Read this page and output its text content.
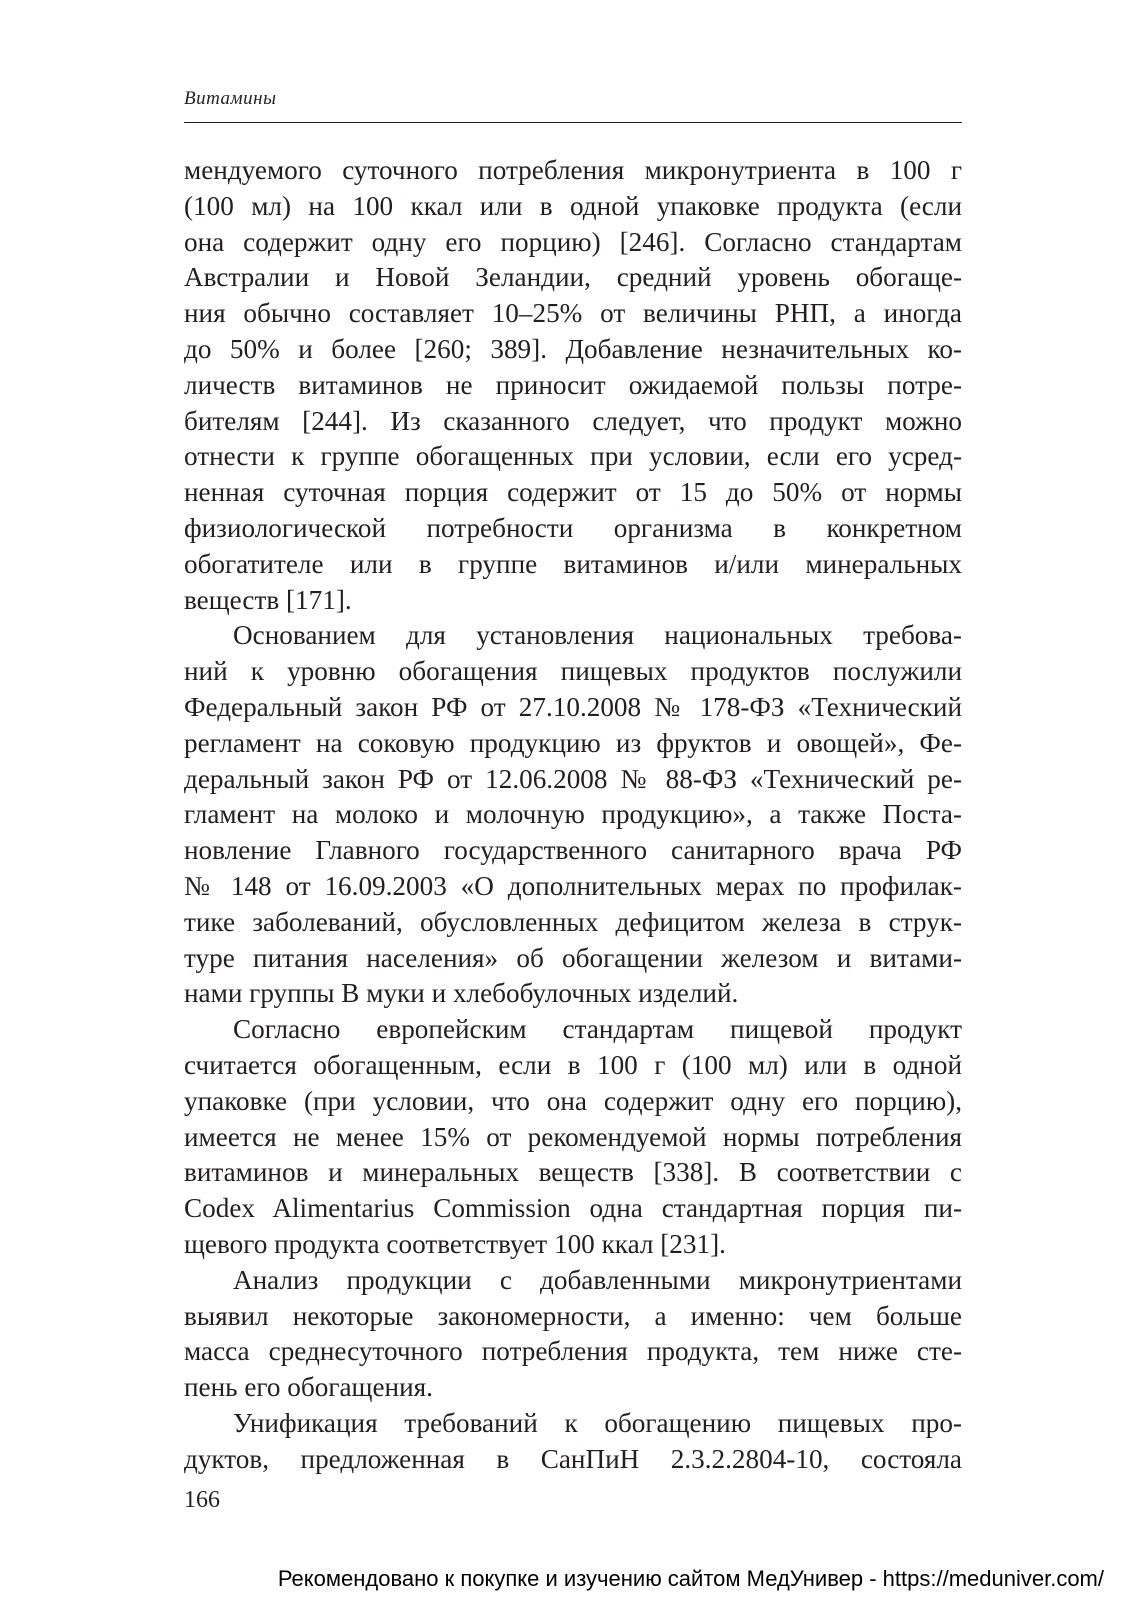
Витамины
мендуемого суточного потребления микронутриента в 100 г
(100 мл) на 100 ккал или в одной упаковке продукта (если
она содержит одну его порцию) [246]. Согласно стандартам
Австралии и Новой Зеландии, средний уровень обогаще-
ния обычно составляет 10–25% от величины РНП, а иногда
до 50% и более [260; 389]. Добавление незначительных ко-
личеств витаминов не приносит ожидаемой пользы потре-
бителям [244]. Из сказанного следует, что продукт можно
отнести к группе обогащенных при условии, если его усред-
ненная суточная порция содержит от 15 до 50% от нормы
физиологической потребности организма в конкретном
обогатителе или в группе витаминов и/или минеральных
веществ [171].
Основанием для установления национальных требова-
ний к уровню обогащения пищевых продуктов послужили
Федеральный закон РФ от 27.10.2008 № 178-ФЗ «Технический
регламент на соковую продукцию из фруктов и овощей», Фе-
деральный закон РФ от 12.06.2008 № 88-ФЗ «Технический ре-
гламент на молоко и молочную продукцию», а также Поста-
новление Главного государственного санитарного врача РФ
№ 148 от 16.09.2003 «О дополнительных мерах по профилак-
тике заболеваний, обусловленных дефицитом железа в струк-
туре питания населения» об обогащении железом и витами-
нами группы В муки и хлебобулочных изделий.
Согласно европейским стандартам пищевой продукт
считается обогащенным, если в 100 г (100 мл) или в одной
упаковке (при условии, что она содержит одну его порцию),
имеется не менее 15% от рекомендуемой нормы потребления
витаминов и минеральных веществ [338]. В соответствии с
Codex Alimentarius Commission одна стандартная порция пи-
щевого продукта соответствует 100 ккал [231].
Анализ продукции с добавленными микронутриентами
выявил некоторые закономерности, а именно: чем больше
масса среднесуточного потребления продукта, тем ниже сте-
пень его обогащения.
Унификация требований к обогащению пищевых про-
дуктов, предложенная в СанПиН 2.3.2.2804-10, состояла
166
Рекомендовано к покупке и изучению сайтом МедУнивер - https://meduniver.com/
